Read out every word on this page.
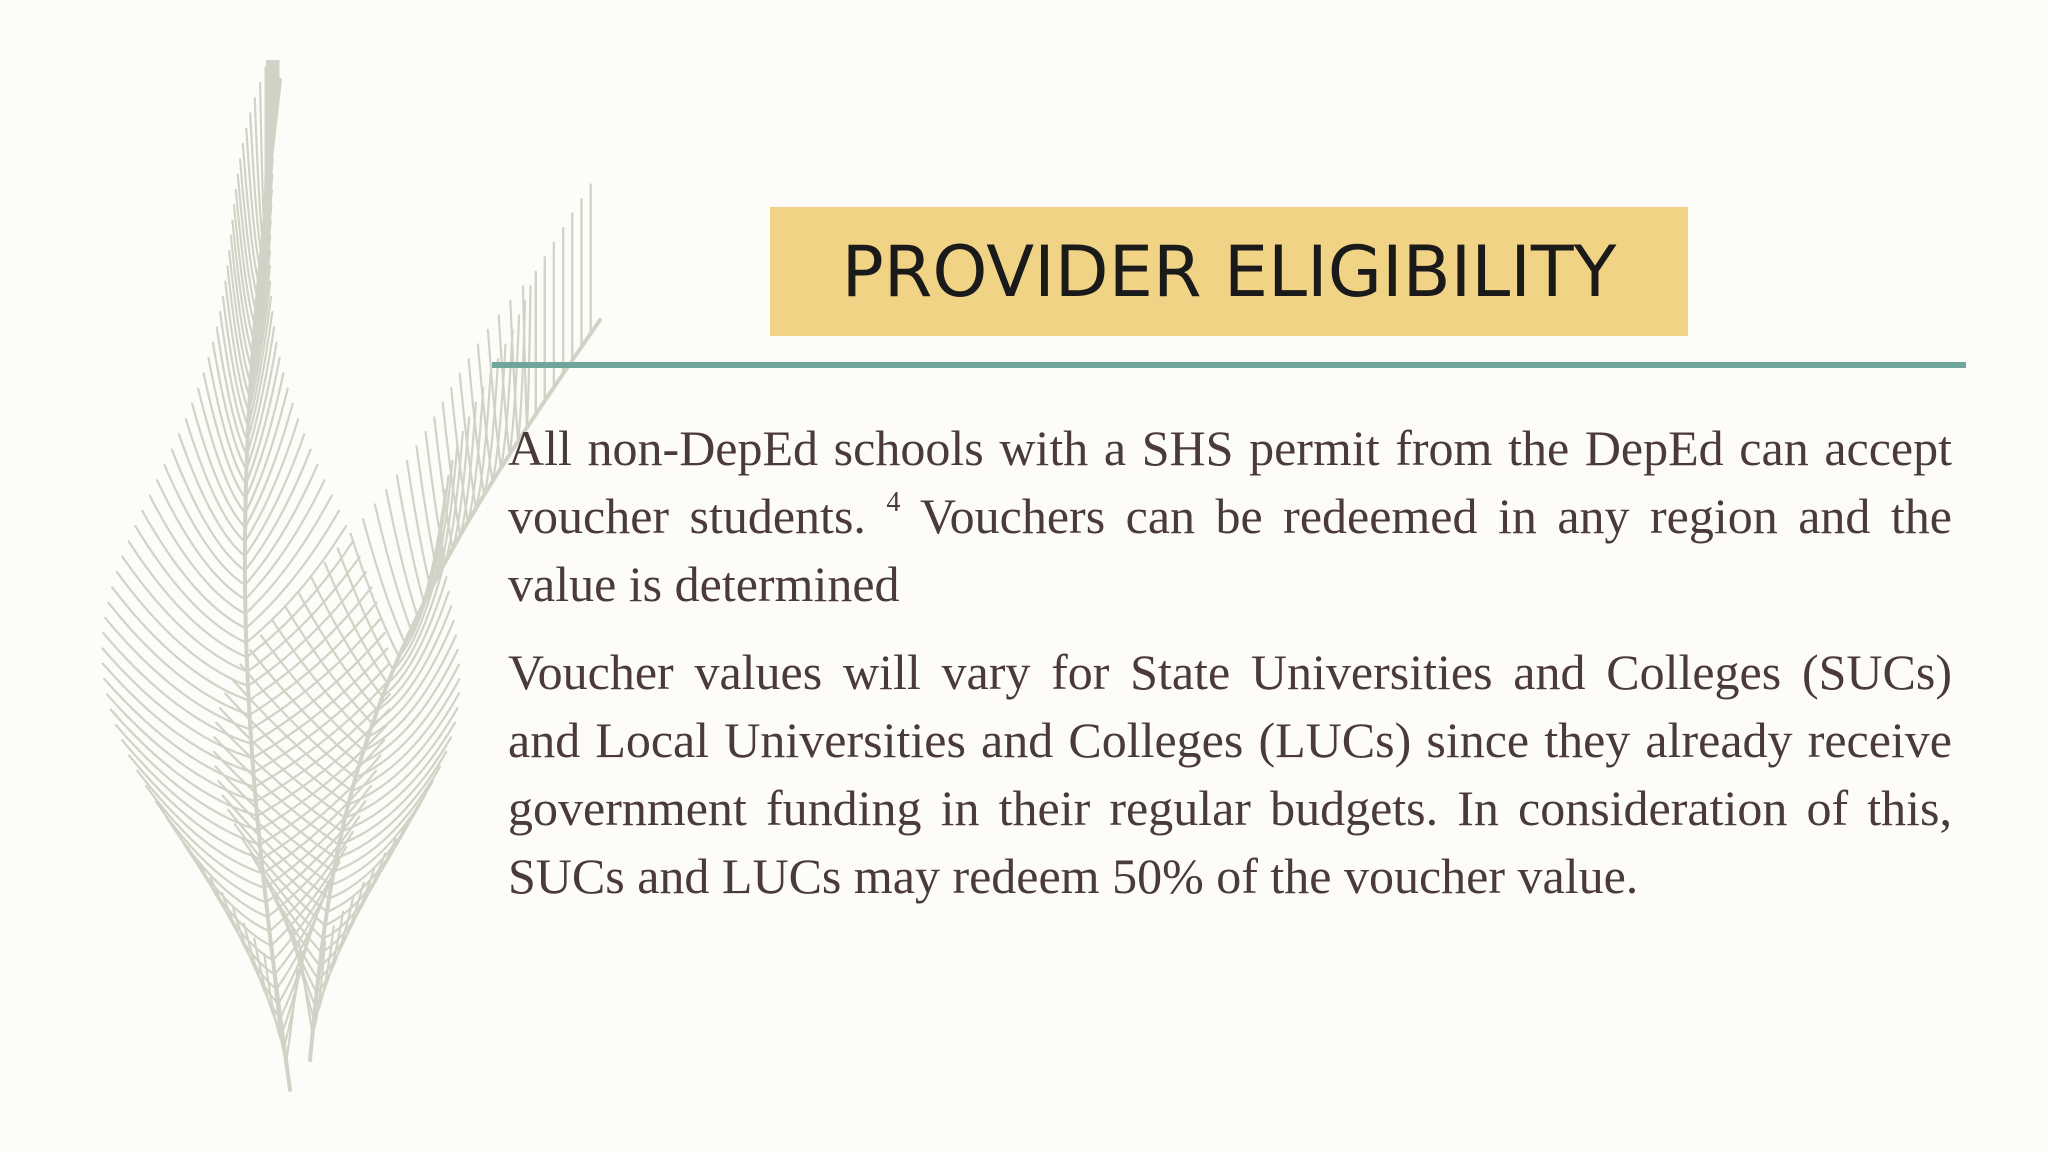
PROVIDER ELIGIBILITY

All non-DepEd schools with a SHS permit from the DepEd can accept voucher students. $^4$ Vouchers can be redeemed in any region and the value is determined

Voucher values will vary for State Universities and Colleges (SUCs) and Local Universities and Colleges (LUCs) since they already receive government funding in their regular budgets. In consideration of this, SUCs and LUCs may redeem 50% of the voucher value.
